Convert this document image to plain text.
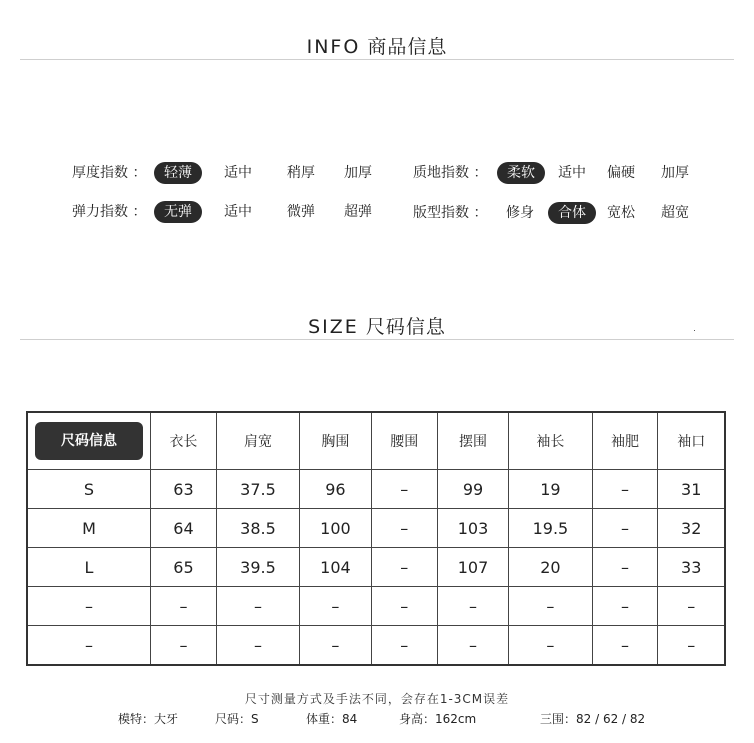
INFO 商品信息
厚度指数 ：	轻薄	适中	稍厚	加厚	质地指数 ：	柔软	适中	偏硬	加厚
弹力指数 ：	无弹	适中	微弹	超弹	版型指数 ：	修身	合体	宽松	超宽
SIZE 尺码信息
尺码信息	衣长	肩宽	胸围	腰围	摆围	袖长	袖肥	袖口
S	63	37.5	96	–	99	19	–	31
M	64	38.5	100	–	103	19.5	–	32
L	65	39.5	104	–	107	20	–	33
–	–	–	–	–	–	–	–	–
–	–	–	–	–	–	–	–	–
尺寸测量方式及手法不同，会存在1-3CM误差
模特：大牙	尺码：S	体重：84	身高：162cm	三围：82 / 62 / 82
